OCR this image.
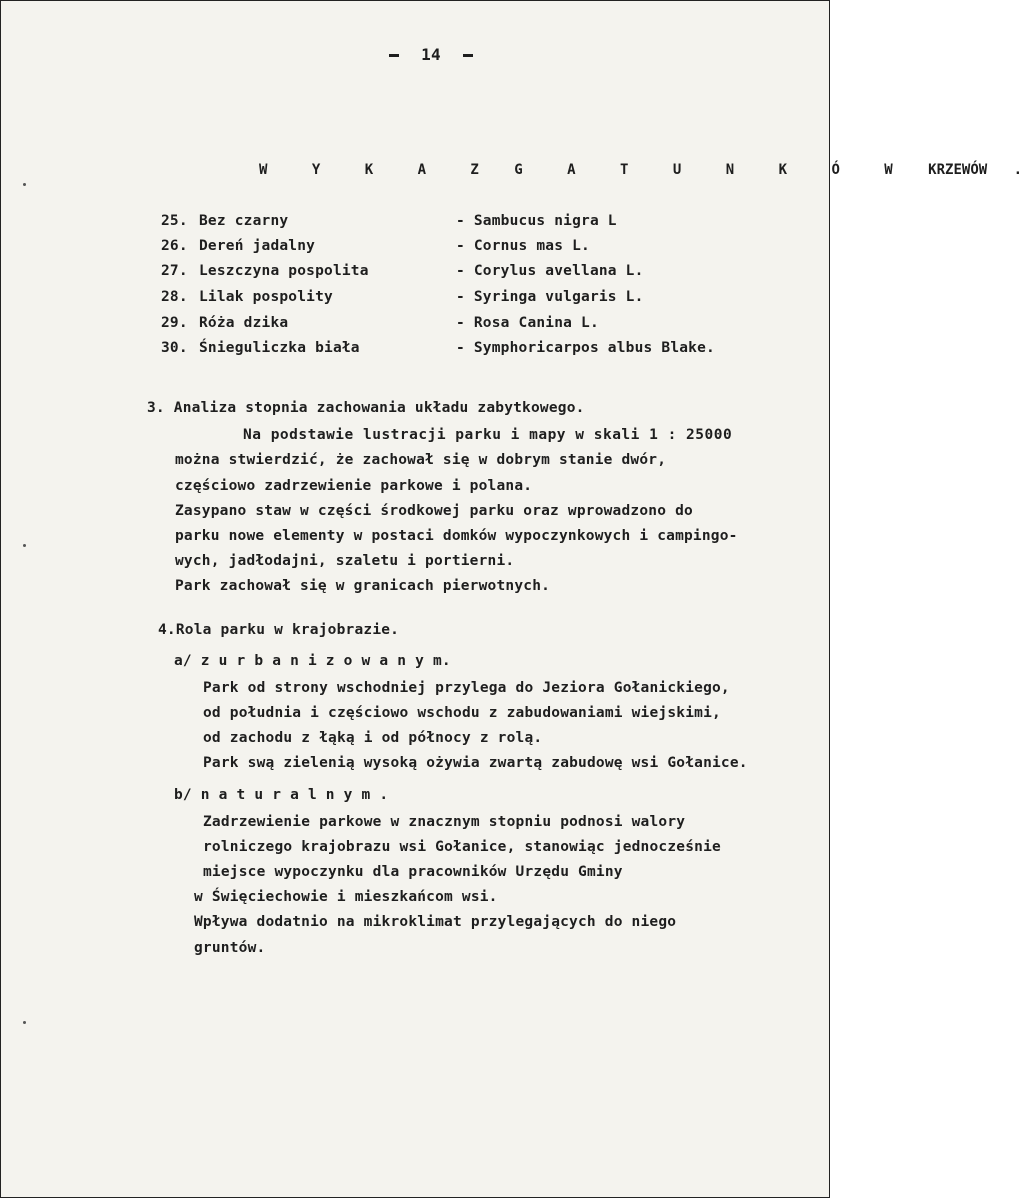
14
W Y K A Z G A T U N K Ó W KRZEWÓW .
25. Bez czarny	- Sambucus nigra L
26. Dereń jadalny	- Cornus mas L.
27. Leszczyna pospolita	- Corylus avellana L.
28. Lilak pospolity	- Syringa vulgaris L.
29. Róża dzika	- Rosa Canina L.
30. Śnieguliczka biała	- Symphoricarpos albus Blake.

3. Analiza stopnia zachowania układu zabytkowego.

Na podstawie lustracji parku i mapy w skali 1 : 25000

można stwierdzić, że zachował się w dobrym stanie dwór,

częściowo zadrzewienie parkowe i polana.

Zasypano staw w części środkowej parku oraz wprowadzono do

parku nowe elementy w postaci domków wypoczynkowych i campingo-

wych, jadłodajni, szaletu i portierni.

Park zachował się w granicach pierwotnych.

4.Rola parku w krajobrazie.

a/ z u r b a n i z o w a n y m.

Park od strony wschodniej przylega do Jeziora Gołanickiego,

od południa i częściowo wschodu z zabudowaniami wiejskimi,

od zachodu z łąką i od północy z rolą.

Park swą zielenią wysoką ożywia zwartą zabudowę wsi Gołanice.

b/ n a t u r a l n y m .

Zadrzewienie parkowe w znacznym stopniu podnosi walory

rolniczego krajobrazu wsi Gołanice, stanowiąc jednocześnie

miejsce wypoczynku dla pracowników Urzędu Gminy

w Święciechowie i mieszkańcom wsi.

Wpływa dodatnio na mikroklimat przylegających do niego

gruntów.
